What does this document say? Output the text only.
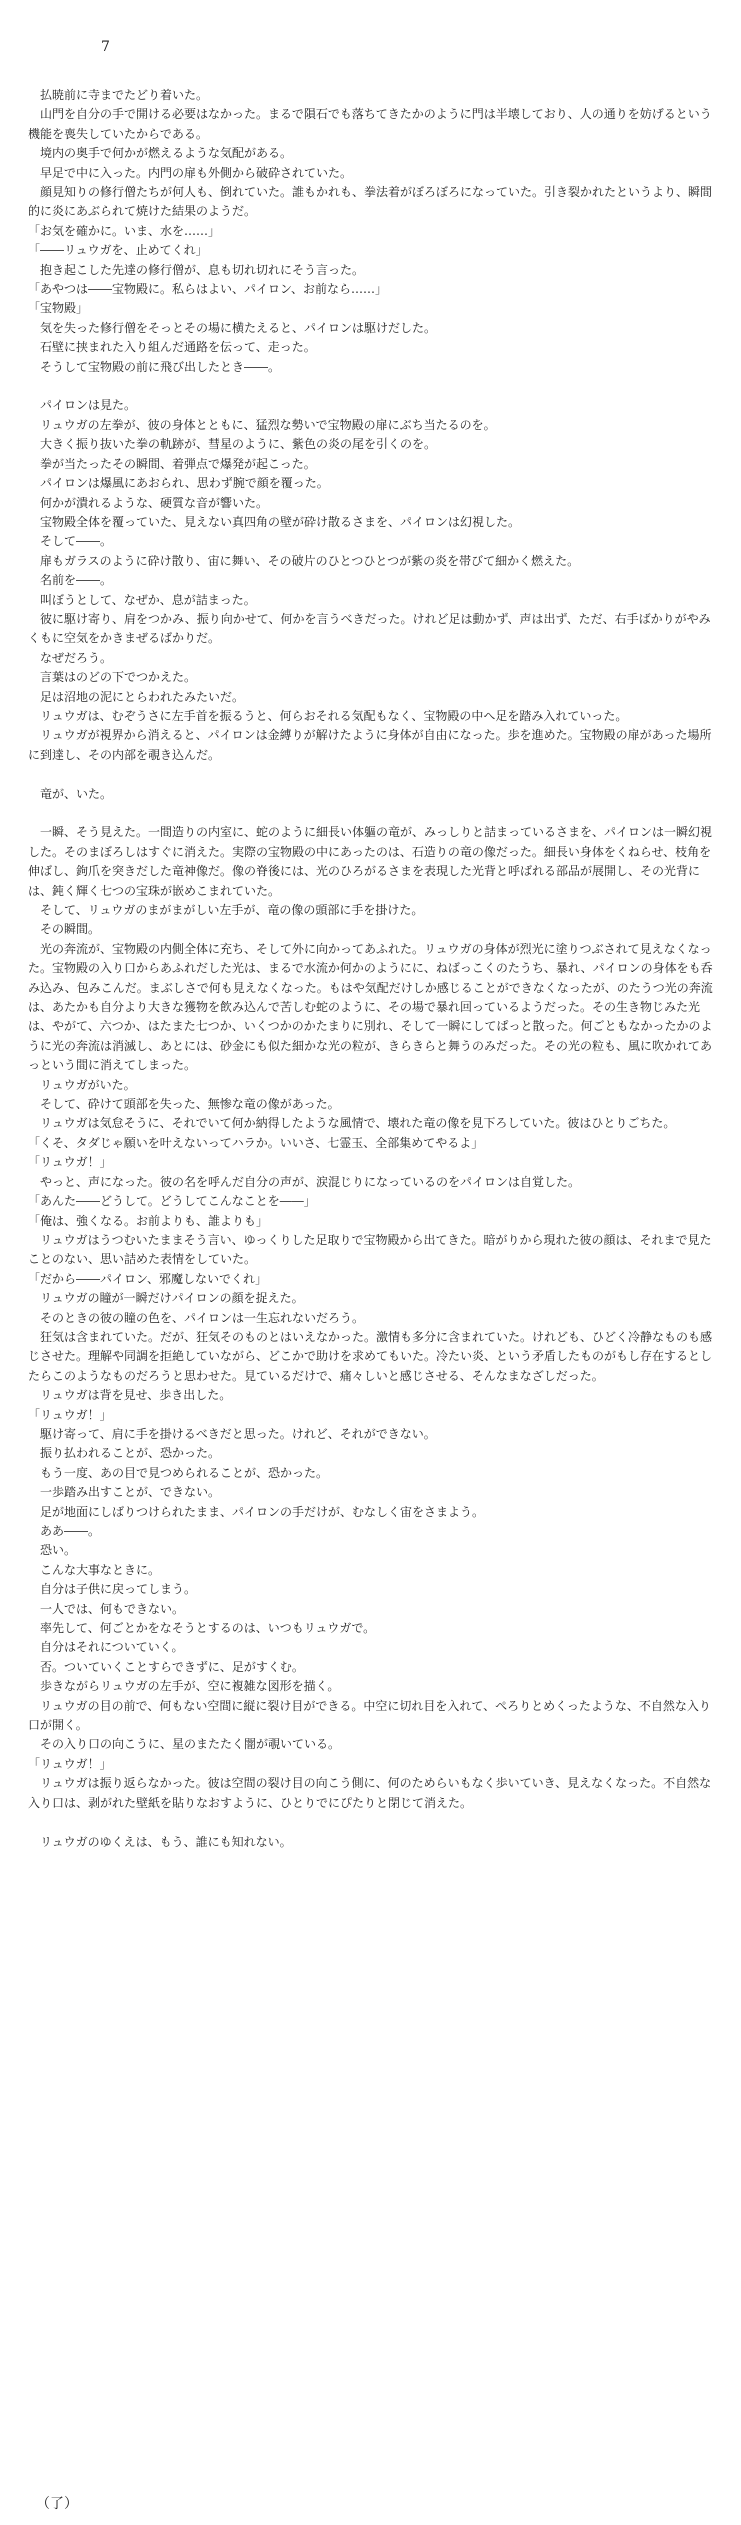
7

　払暁前に寺までたどり着いた。

　山門を自分の手で開ける必要はなかった。まるで隕石でも落ちてきたかのように門は半壊しており、人の通りを妨げるという機能を喪失していたからである。

　境内の奥手で何かが燃えるような気配がある。

　早足で中に入った。内門の扉も外側から破砕されていた。

　顔見知りの修行僧たちが何人も、倒れていた。誰もかれも、拳法着がぼろぼろになっていた。引き裂かれたというより、瞬間的に炎にあぶられて焼けた結果のようだ。

「お気を確かに。いま、水を……」

「――リュウガを、止めてくれ」

　抱き起こした先達の修行僧が、息も切れ切れにそう言った。

「あやつは――宝物殿に。私らはよい、パイロン、お前なら……」

「宝物殿」

　気を失った修行僧をそっとその場に横たえると、パイロンは駆けだした。

　石壁に挟まれた入り組んだ通路を伝って、走った。

　そうして宝物殿の前に飛び出したとき――。

　パイロンは見た。

　リュウガの左拳が、彼の身体とともに、猛烈な勢いで宝物殿の扉にぶち当たるのを。

　大きく振り抜いた拳の軌跡が、彗星のように、紫色の炎の尾を引くのを。

　拳が当たったその瞬間、着弾点で爆発が起こった。

　パイロンは爆風にあおられ、思わず腕で顔を覆った。

　何かが潰れるような、硬質な音が響いた。

　宝物殿全体を覆っていた、見えない真四角の壁が砕け散るさまを、パイロンは幻視した。

　そして――。

　扉もガラスのように砕け散り、宙に舞い、その破片のひとつひとつが紫の炎を帯びて細かく燃えた。

　名前を――。

　叫ぼうとして、なぜか、息が詰まった。

　彼に駆け寄り、肩をつかみ、振り向かせて、何かを言うべきだった。けれど足は動かず、声は出ず、ただ、右手ばかりがやみくもに空気をかきまぜるばかりだ。

　なぜだろう。

　言葉はのどの下でつかえた。

　足は沼地の泥にとらわれたみたいだ。

　リュウガは、むぞうさに左手首を振るうと、何らおそれる気配もなく、宝物殿の中へ足を踏み入れていった。

　リュウガが視界から消えると、パイロンは金縛りが解けたように身体が自由になった。歩を進めた。宝物殿の扉があった場所に到達し、その内部を覗き込んだ。

　竜が、いた。

　一瞬、そう見えた。一間造りの内室に、蛇のように細長い体軀の竜が、みっしりと詰まっているさまを、パイロンは一瞬幻視した。そのまぼろしはすぐに消えた。実際の宝物殿の中にあったのは、石造りの竜の像だった。細長い身体をくねらせ、枝角を伸ばし、鉤爪を突きだした竜神像だ。像の脊後には、光のひろがるさまを表現した光背と呼ばれる部品が展開し、その光背には、鈍く輝く七つの宝珠が嵌めこまれていた。

　そして、リュウガのまがまがしい左手が、竜の像の頭部に手を掛けた。

　その瞬間。

　光の奔流が、宝物殿の内側全体に充ち、そして外に向かってあふれた。リュウガの身体が烈光に塗りつぶされて見えなくなった。宝物殿の入り口からあふれだした光は、まるで水流か何かのようにに、ねばっこくのたうち、暴れ、パイロンの身体をも呑み込み、包みこんだ。まぶしさで何も見えなくなった。もはや気配だけしか感じることができなくなったが、のたうつ光の奔流は、あたかも自分より大きな獲物を飲み込んで苦しむ蛇のように、その場で暴れ回っているようだった。その生き物じみた光は、やがて、六つか、はたまた七つか、いくつかのかたまりに別れ、そして一瞬にしてぱっと散った。何ごともなかったかのように光の奔流は消滅し、あとには、砂金にも似た細かな光の粒が、きらきらと舞うのみだった。その光の粒も、風に吹かれてあっという間に消えてしまった。

　リュウガがいた。

　そして、砕けて頭部を失った、無惨な竜の像があった。

　リュウガは気怠そうに、それでいて何か納得したような風情で、壊れた竜の像を見下ろしていた。彼はひとりごちた。

「くそ、タダじゃ願いを叶えないってハラか。いいさ、七霊玉、全部集めてやるよ」

「リュウガ！」

　やっと、声になった。彼の名を呼んだ自分の声が、涙混じりになっているのをパイロンは自覚した。

「あんた――どうして。どうしてこんなことを――」

「俺は、強くなる。お前よりも、誰よりも」

　リュウガはうつむいたままそう言い、ゆっくりした足取りで宝物殿から出てきた。暗がりから現れた彼の顔は、それまで見たことのない、思い詰めた表情をしていた。

「だから――パイロン、邪魔しないでくれ」

　リュウガの瞳が一瞬だけパイロンの顔を捉えた。

　そのときの彼の瞳の色を、パイロンは一生忘れないだろう。

　狂気は含まれていた。だが、狂気そのものとはいえなかった。激情も多分に含まれていた。けれども、ひどく冷静なものも感じさせた。理解や同調を拒絶していながら、どこかで助けを求めてもいた。冷たい炎、という矛盾したものがもし存在するとしたらこのようなものだろうと思わせた。見ているだけで、痛々しいと感じさせる、そんなまなざしだった。

　リュウガは背を見せ、歩き出した。

「リュウガ！」

　駆け寄って、肩に手を掛けるべきだと思った。けれど、それができない。

　振り払われることが、恐かった。

　もう一度、あの目で見つめられることが、恐かった。

　一歩踏み出すことが、できない。

　足が地面にしばりつけられたまま、パイロンの手だけが、むなしく宙をさまよう。

　ああ――。

　恐い。

　こんな大事なときに。

　自分は子供に戻ってしまう。

　一人では、何もできない。

　率先して、何ごとかをなそうとするのは、いつもリュウガで。

　自分はそれについていく。

　否。ついていくことすらできずに、足がすくむ。

　歩きながらリュウガの左手が、空に複雑な図形を描く。

　リュウガの目の前で、何もない空間に縦に裂け目ができる。中空に切れ目を入れて、ぺろりとめくったような、不自然な入り口が開く。

　その入り口の向こうに、星のまたたく闇が覗いている。

「リュウガ！」

　リュウガは振り返らなかった。彼は空間の裂け目の向こう側に、何のためらいもなく歩いていき、見えなくなった。不自然な入り口は、剥がれた壁紙を貼りなおすように、ひとりでにぴたりと閉じて消えた。

　リュウガのゆくえは、もう、誰にも知れない。

（了）
